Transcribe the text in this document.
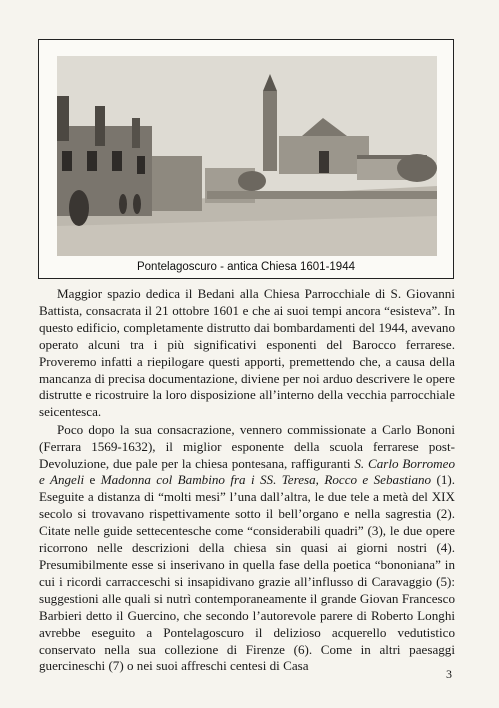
Pontelagoscuro - antica Chiesa 1601-1944

Maggior spazio dedica il Bedani alla Chiesa Parrocchiale di S. Giovanni Battista, consacrata il 21 ottobre 1601 e che ai suoi tempi ancora “esisteva”. In questo edificio, completamente distrutto dai bombardamenti del 1944, avevano operato alcuni tra i più significativi esponenti del Barocco ferrarese. Proveremo infatti a riepilogare questi apporti, premettendo che, a causa della mancanza di precisa documentazione, diviene per noi arduo descrivere le opere distrutte e ricostruire la loro disposizione all’interno della vecchia parrocchiale seicentesca.

Poco dopo la sua consacrazione, vennero commissionate a Carlo Bononi (Ferrara 1569-1632), il miglior esponente della scuola ferrarese post-Devoluzione, due pale per la chiesa pontesana, raffiguranti S. Carlo Borromeo e Angeli e Madonna col Bambino fra i SS. Teresa, Rocco e Sebastiano (1). Eseguite a distanza di “molti mesi” l’una dall’altra, le due tele a metà del XIX secolo si trovavano rispettivamente sotto il bell’organo e nella sagrestia (2). Citate nelle guide settecentesche come “considerabili quadri” (3), le due opere ricorrono nelle descrizioni della chiesa sin quasi ai giorni nostri (4). Presumibilmente esse si inserivano in quella fase della poetica “bononiana” in cui i ricordi carracceschi si insapidivano grazie all’influsso di Caravaggio (5): suggestioni alle quali si nutrì contemporaneamente il grande Giovan Francesco Barbieri detto il Guercino, che secondo l’autorevole parere di Roberto Longhi avrebbe eseguito a Pontelagoscuro il delizioso acquerello vedutistico conservato nella sua collezione di Firenze (6). Come in altri paesaggi guercineschi (7) o nei suoi affreschi centesi di Casa

3
